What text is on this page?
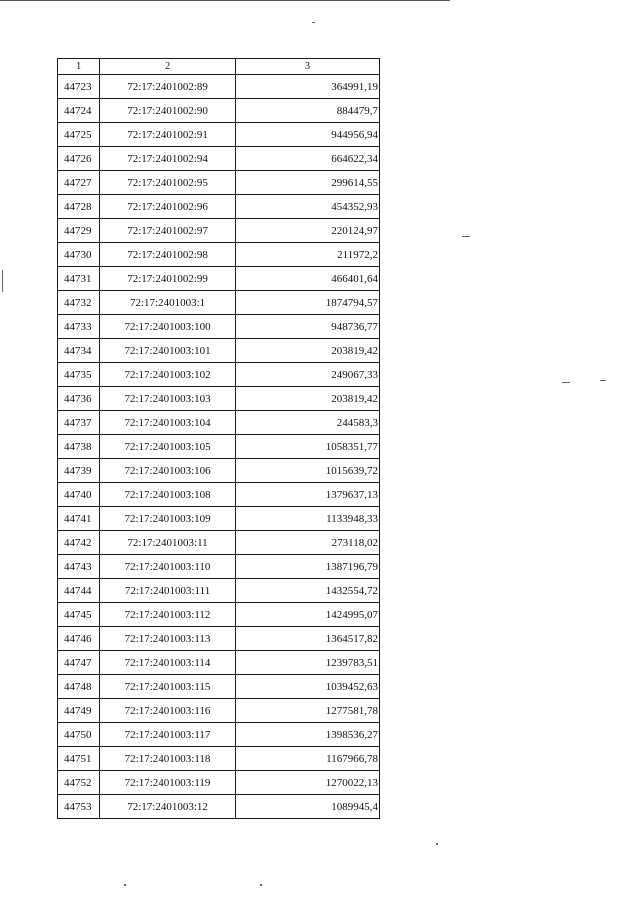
1	2	3
44723	72:17:2401002:89	364991,19
44724	72:17:2401002:90	884479,7
44725	72:17:2401002:91	944956,94
44726	72:17:2401002:94	664622,34
44727	72:17:2401002:95	299614,55
44728	72:17:2401002:96	454352,93
44729	72:17:2401002:97	220124,97
44730	72:17:2401002:98	211972,2
44731	72:17:2401002:99	466401,64
44732	72:17:2401003:1	1874794,57
44733	72:17:2401003:100	948736,77
44734	72:17:2401003:101	203819,42
44735	72:17:2401003:102	249067,33
44736	72:17:2401003:103	203819,42
44737	72:17:2401003:104	244583,3
44738	72:17:2401003:105	1058351,77
44739	72:17:2401003:106	1015639,72
44740	72:17:2401003:108	1379637,13
44741	72:17:2401003:109	1133948,33
44742	72:17:2401003:11	273118,02
44743	72:17:2401003:110	1387196,79
44744	72:17:2401003:111	1432554,72
44745	72:17:2401003:112	1424995,07
44746	72:17:2401003:113	1364517,82
44747	72:17:2401003:114	1239783,51
44748	72:17:2401003:115	1039452,63
44749	72:17:2401003:116	1277581,78
44750	72:17:2401003:117	1398536,27
44751	72:17:2401003:118	1167966,78
44752	72:17:2401003:119	1270022,13
44753	72:17:2401003:12	1089945,4
